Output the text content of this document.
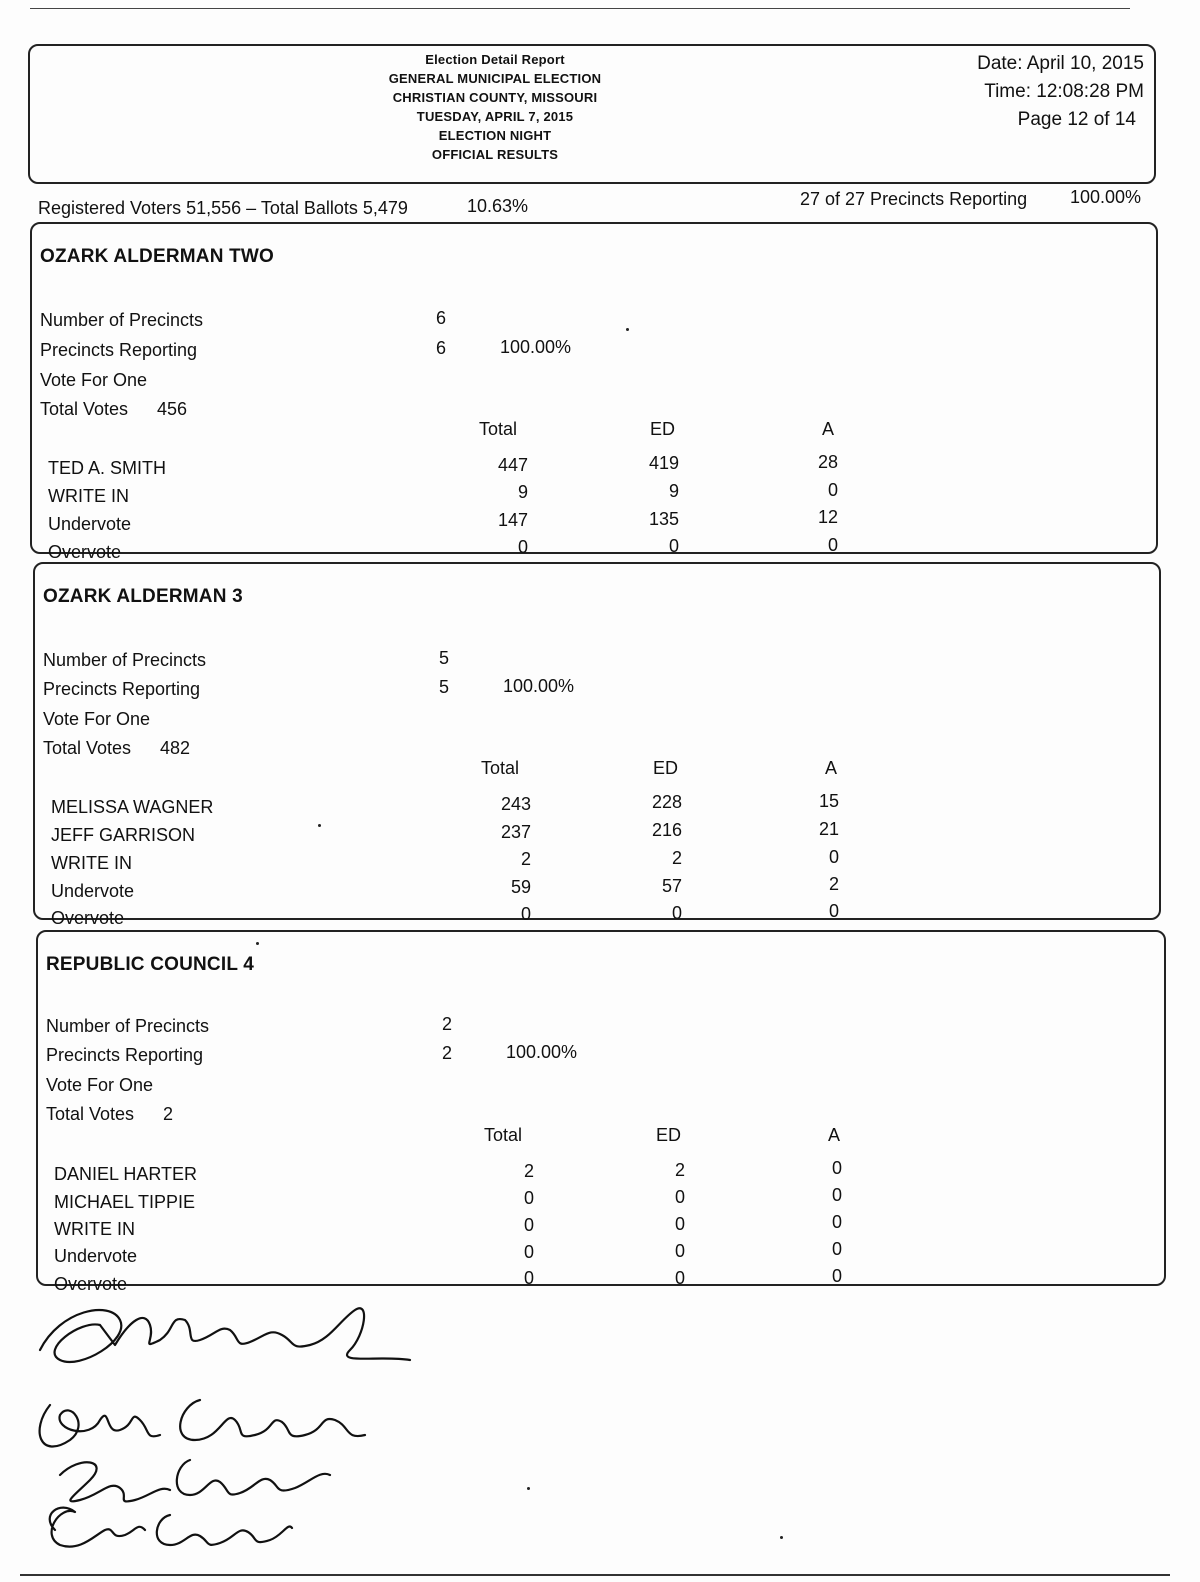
Election Detail Report
GENERAL MUNICIPAL ELECTION
CHRISTIAN COUNTY, MISSOURI
TUESDAY, APRIL 7, 2015
ELECTION NIGHT
OFFICIAL RESULTS
Date: April 10, 2015
Time: 12:08:28 PM
Page 12 of 14
Registered Voters 51,556 – Total Ballots 5,479	10.63%	27 of 27 Precincts Reporting 100.00%
OZARK ALDERMAN TWO
Number of Precincts	6
Precincts Reporting	6	100.00%
Vote For One
Total Votes 456
Total	ED	A
TED A. SMITH	447	419	28
WRITE IN	9	9	0
Undervote	147	135	12
Overvote	0	0	0
OZARK ALDERMAN 3
Number of Precincts	5
Precincts Reporting	5	100.00%
Vote For One
Total Votes 482
Total	ED	A
MELISSA WAGNER	243	228	15
JEFF GARRISON	237	216	21
WRITE IN	2	2	0
Undervote	59	57	2
Overvote	0	0	0
REPUBLIC COUNCIL 4
Number of Precincts	2
Precincts Reporting	2	100.00%
Vote For One
Total Votes 2
Total	ED	A
DANIEL HARTER	2	2	0
MICHAEL TIPPIE	0	0	0
WRITE IN	0	0	0
Undervote	0	0	0
Overvote	0	0	0
